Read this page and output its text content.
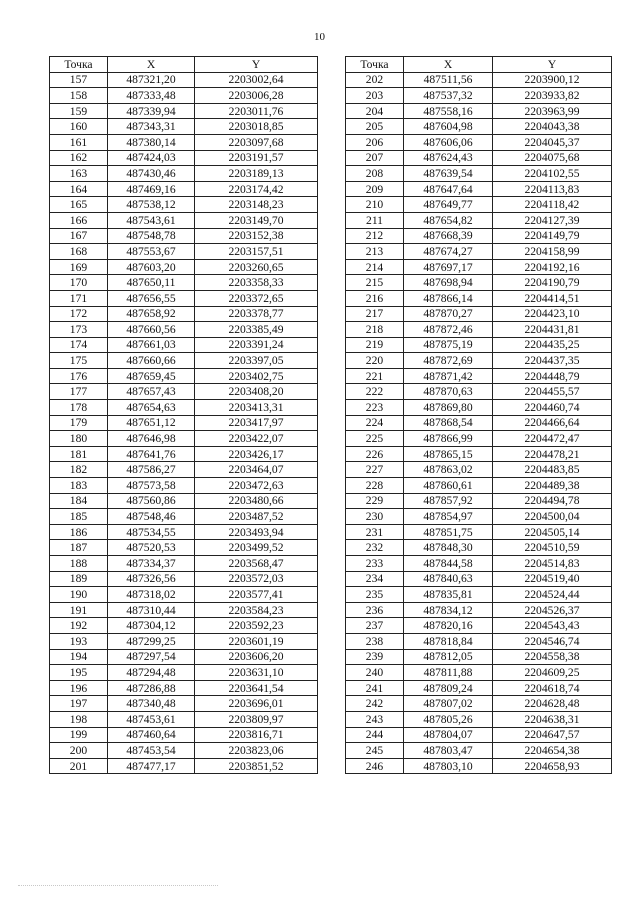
10
Точка	X	Y
157	487321,20	2203002,64
158	487333,48	2203006,28
159	487339,94	2203011,76
160	487343,31	2203018,85
161	487380,14	2203097,68
162	487424,03	2203191,57
163	487430,46	2203189,13
164	487469,16	2203174,42
165	487538,12	2203148,23
166	487543,61	2203149,70
167	487548,78	2203152,38
168	487553,67	2203157,51
169	487603,20	2203260,65
170	487650,11	2203358,33
171	487656,55	2203372,65
172	487658,92	2203378,77
173	487660,56	2203385,49
174	487661,03	2203391,24
175	487660,66	2203397,05
176	487659,45	2203402,75
177	487657,43	2203408,20
178	487654,63	2203413,31
179	487651,12	2203417,97
180	487646,98	2203422,07
181	487641,76	2203426,17
182	487586,27	2203464,07
183	487573,58	2203472,63
184	487560,86	2203480,66
185	487548,46	2203487,52
186	487534,55	2203493,94
187	487520,53	2203499,52
188	487334,37	2203568,47
189	487326,56	2203572,03
190	487318,02	2203577,41
191	487310,44	2203584,23
192	487304,12	2203592,23
193	487299,25	2203601,19
194	487297,54	2203606,20
195	487294,48	2203631,10
196	487286,88	2203641,54
197	487340,48	2203696,01
198	487453,61	2203809,97
199	487460,64	2203816,71
200	487453,54	2203823,06
201	487477,17	2203851,52
Точка	X	Y
202	487511,56	2203900,12
203	487537,32	2203933,82
204	487558,16	2203963,99
205	487604,98	2204043,38
206	487606,06	2204045,37
207	487624,43	2204075,68
208	487639,54	2204102,55
209	487647,64	2204113,83
210	487649,77	2204118,42
211	487654,82	2204127,39
212	487668,39	2204149,79
213	487674,27	2204158,99
214	487697,17	2204192,16
215	487698,94	2204190,79
216	487866,14	2204414,51
217	487870,27	2204423,10
218	487872,46	2204431,81
219	487875,19	2204435,25
220	487872,69	2204437,35
221	487871,42	2204448,79
222	487870,63	2204455,57
223	487869,80	2204460,74
224	487868,54	2204466,64
225	487866,99	2204472,47
226	487865,15	2204478,21
227	487863,02	2204483,85
228	487860,61	2204489,38
229	487857,92	2204494,78
230	487854,97	2204500,04
231	487851,75	2204505,14
232	487848,30	2204510,59
233	487844,58	2204514,83
234	487840,63	2204519,40
235	487835,81	2204524,44
236	487834,12	2204526,37
237	487820,16	2204543,43
238	487818,84	2204546,74
239	487812,05	2204558,38
240	487811,88	2204609,25
241	487809,24	2204618,74
242	487807,02	2204628,48
243	487805,26	2204638,31
244	487804,07	2204647,57
245	487803,47	2204654,38
246	487803,10	2204658,93
